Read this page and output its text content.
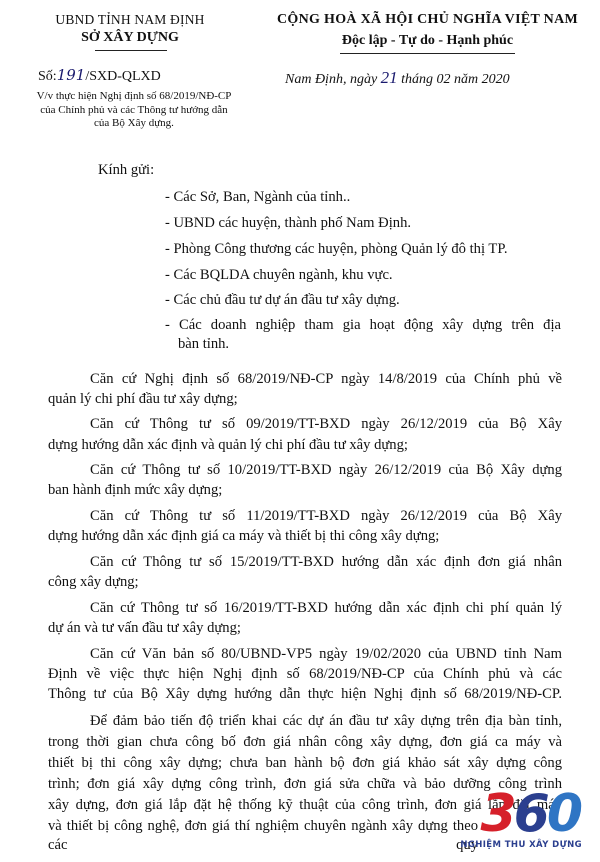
UBND TỈNH NAM ĐỊNH
SỞ XÂY DỰNG
CỘNG HOÀ XÃ HỘI CHỦ NGHĨA VIỆT NAM
Độc lập - Tự do - Hạnh phúc
Số:191/SXD-QLXD	Nam Định, ngày 21 tháng 02 năm 2020
V/v thực hiện Nghị định số 68/2019/NĐ-CP
của Chính phủ và các Thông tư hướng dẫn
của Bộ Xây dựng.
Kính gửi:
- Các Sở, Ban, Ngành của tỉnh..
- UBND các huyện, thành phố Nam Định.
- Phòng Công thương các huyện, phòng Quản lý đô thị TP.
- Các BQLDA chuyên ngành, khu vực.
- Các chủ đầu tư dự án đầu tư xây dựng.
- Các doanh nghiệp tham gia hoạt động xây dựng trên địa
bàn tỉnh.
Căn cứ Nghị định số 68/2019/NĐ-CP ngày 14/8/2019 của Chính phủ về
quản lý chi phí đầu tư xây dựng;
Căn cứ Thông tư số 09/2019/TT-BXD ngày 26/12/2019 của Bộ Xây
dựng hướng dẫn xác định và quản lý chi phí đầu tư xây dựng;
Căn cứ Thông tư số 10/2019/TT-BXD ngày 26/12/2019 của Bộ Xây dựng
ban hành định mức xây dựng;
Căn cứ Thông tư số 11/2019/TT-BXD ngày 26/12/2019 của Bộ Xây
dựng hướng dẫn xác định giá ca máy và thiết bị thi công xây dựng;
Căn cứ Thông tư số 15/2019/TT-BXD hướng dẫn xác định đơn giá nhân
công xây dựng;
Căn cứ Thông tư số 16/2019/TT-BXD hướng dẫn xác định chi phí quản lý
dự án và tư vấn đầu tư xây dựng;
Căn cứ Văn bản số 80/UBND-VP5 ngày 19/02/2020 của UBND tỉnh Nam
Định về việc thực hiện Nghị định số 68/2019/NĐ-CP của Chính phủ và các
Thông tư của Bộ Xây dựng hướng dẫn thực hiện Nghị định số 68/2019/NĐ-CP.
Để đảm bảo tiến độ triển khai các dự án đầu tư xây dựng trên địa bàn tỉnh,
trong thời gian chưa công bố đơn giá nhân công xây dựng, đơn giá ca máy và
thiết bị thi công xây dựng; chưa ban hành bộ đơn giá khảo sát xây dựng công
trình; đơn giá xây dựng công trình, đơn giá sửa chữa và bảo dưỡng công trình
xây dựng, đơn giá lắp đặt hệ thống kỹ thuật của công trình, đơn giá lắp đặt máy
và thiết bị công nghệ, đơn giá thí nghiệm chuyên ngành xây dựng theo các quy
360
NGHIỆM THU XÂY DỰNG
